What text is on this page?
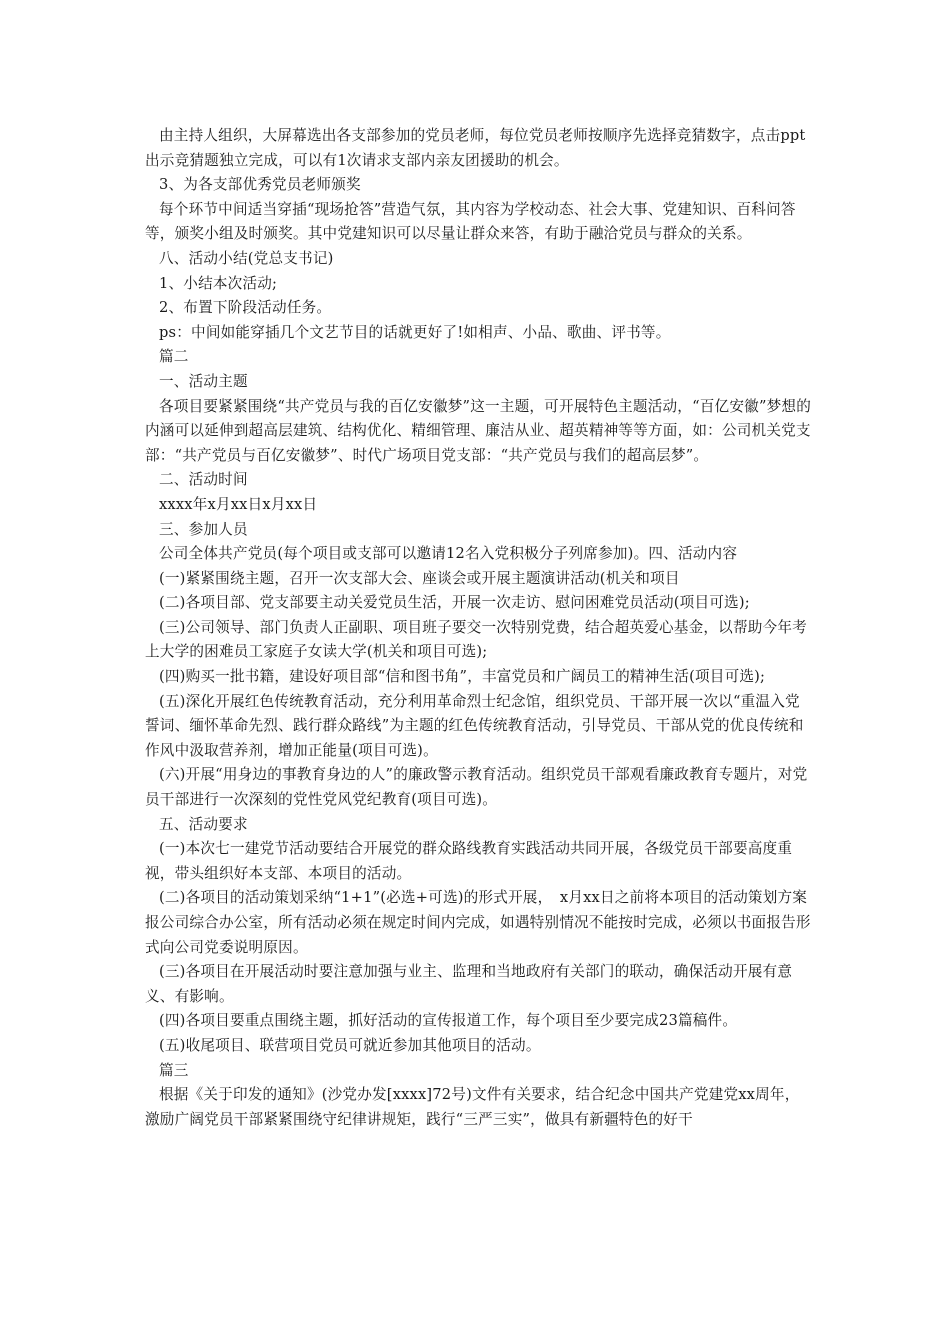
由主持人组织，大屏幕选出各支部参加的党员老师，每位党员老师按顺序先选择竞猜数字，点击ppt出示竞猜题独立完成，可以有1次请求支部内亲友团援助的机会。

3、为各支部优秀党员老师颁奖

每个环节中间适当穿插“现场抢答”营造气氛，其内容为学校动态、社会大事、党建知识、百科问答等，颁奖小组及时颁奖。其中党建知识可以尽量让群众来答，有助于融洽党员与群众的关系。

八、活动小结(党总支书记)

1、小结本次活动;

2、布置下阶段活动任务。

ps：中间如能穿插几个文艺节目的话就更好了!如相声、小品、歌曲、评书等。

篇二

一、活动主题

各项目要紧紧围绕“共产党员与我的百亿安徽梦”这一主题，可开展特色主题活动，“百亿安徽”梦想的内涵可以延伸到超高层建筑、结构优化、精细管理、廉洁从业、超英精神等等方面，如：公司机关党支部：“共产党员与百亿安徽梦”、时代广场项目党支部：“共产党员与我们的超高层梦”。

二、活动时间

xxxx年x月xx日x月xx日

三、参加人员

公司全体共产党员(每个项目或支部可以邀请12名入党积极分子列席参加)。四、活动内容

(一)紧紧围绕主题，召开一次支部大会、座谈会或开展主题演讲活动(机关和项目

(二)各项目部、党支部要主动关爱党员生活，开展一次走访、慰问困难党员活动(项目可选);

(三)公司领导、部门负责人正副职、项目班子要交一次特别党费，结合超英爱心基金，以帮助今年考上大学的困难员工家庭子女读大学(机关和项目可选);

(四)购买一批书籍，建设好项目部“信和图书角”，丰富党员和广阔员工的精神生活(项目可选);

(五)深化开展红色传统教育活动，充分利用革命烈士纪念馆，组织党员、干部开展一次以“重温入党誓词、缅怀革命先烈、践行群众路线”为主题的红色传统教育活动，引导党员、干部从党的优良传统和作风中汲取营养剂，增加正能量(项目可选)。

(六)开展“用身边的事教育身边的人”的廉政警示教育活动。组织党员干部观看廉政教育专题片，对党员干部进行一次深刻的党性党风党纪教育(项目可选)。

五、活动要求

(一)本次七一建党节活动要结合开展党的群众路线教育实践活动共同开展，各级党员干部要高度重视，带头组织好本支部、本项目的活动。

(二)各项目的活动策划采纳“1+1”(必选+可选)的形式开展，　x月xx日之前将本项目的活动策划方案报公司综合办公室，所有活动必须在规定时间内完成，如遇特别情况不能按时完成，必须以书面报告形式向公司党委说明原因。

(三)各项目在开展活动时要注意加强与业主、监理和当地政府有关部门的联动，确保活动开展有意义、有影响。

(四)各项目要重点围绕主题，抓好活动的宣传报道工作，每个项目至少要完成23篇稿件。

(五)收尾项目、联营项目党员可就近参加其他项目的活动。

篇三

根据《关于印发的通知》(沙党办发[xxxx]72号)文件有关要求，结合纪念中国共产党建党xx周年，激励广阔党员干部紧紧围绕守纪律讲规矩，践行“三严三实”，做具有新疆特色的好干
